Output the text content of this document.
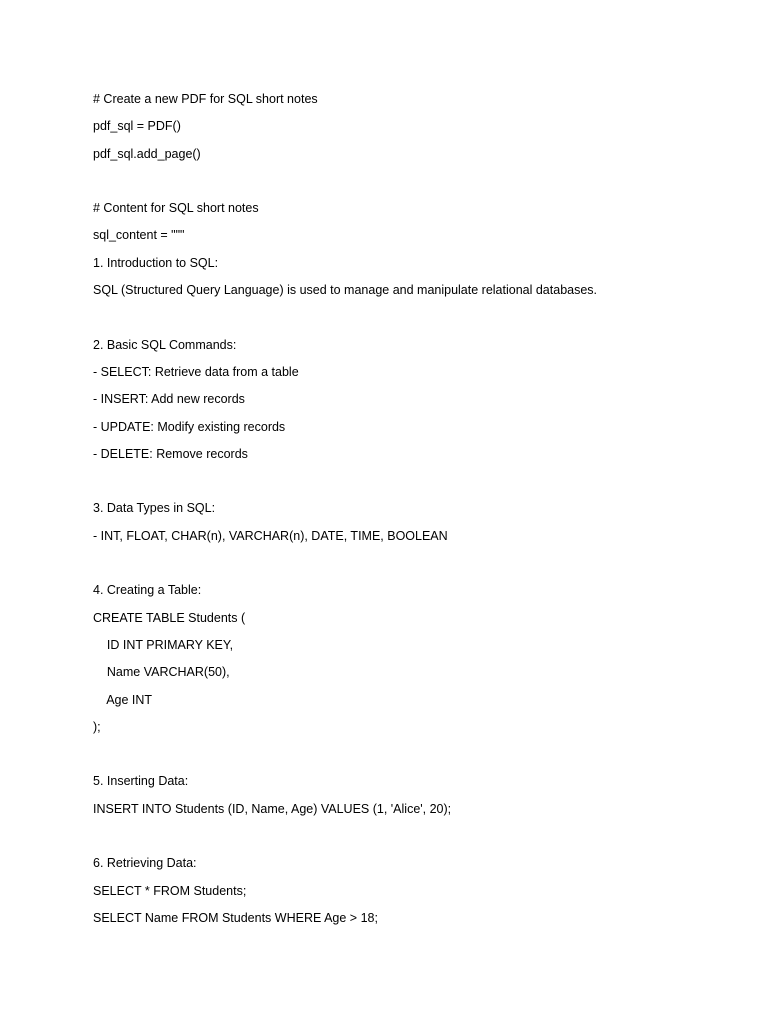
# Create a new PDF for SQL short notes
pdf_sql = PDF()
pdf_sql.add_page()
# Content for SQL short notes
sql_content = """
1. Introduction to SQL:
SQL (Structured Query Language) is used to manage and manipulate relational databases.
2. Basic SQL Commands:
- SELECT: Retrieve data from a table
- INSERT: Add new records
- UPDATE: Modify existing records
- DELETE: Remove records
3. Data Types in SQL:
- INT, FLOAT, CHAR(n), VARCHAR(n), DATE, TIME, BOOLEAN
4. Creating a Table:
CREATE TABLE Students (
ID INT PRIMARY KEY,
Name VARCHAR(50),
Age INT
);
5. Inserting Data:
INSERT INTO Students (ID, Name, Age) VALUES (1, 'Alice', 20);
6. Retrieving Data:
SELECT * FROM Students;
SELECT Name FROM Students WHERE Age > 18;
